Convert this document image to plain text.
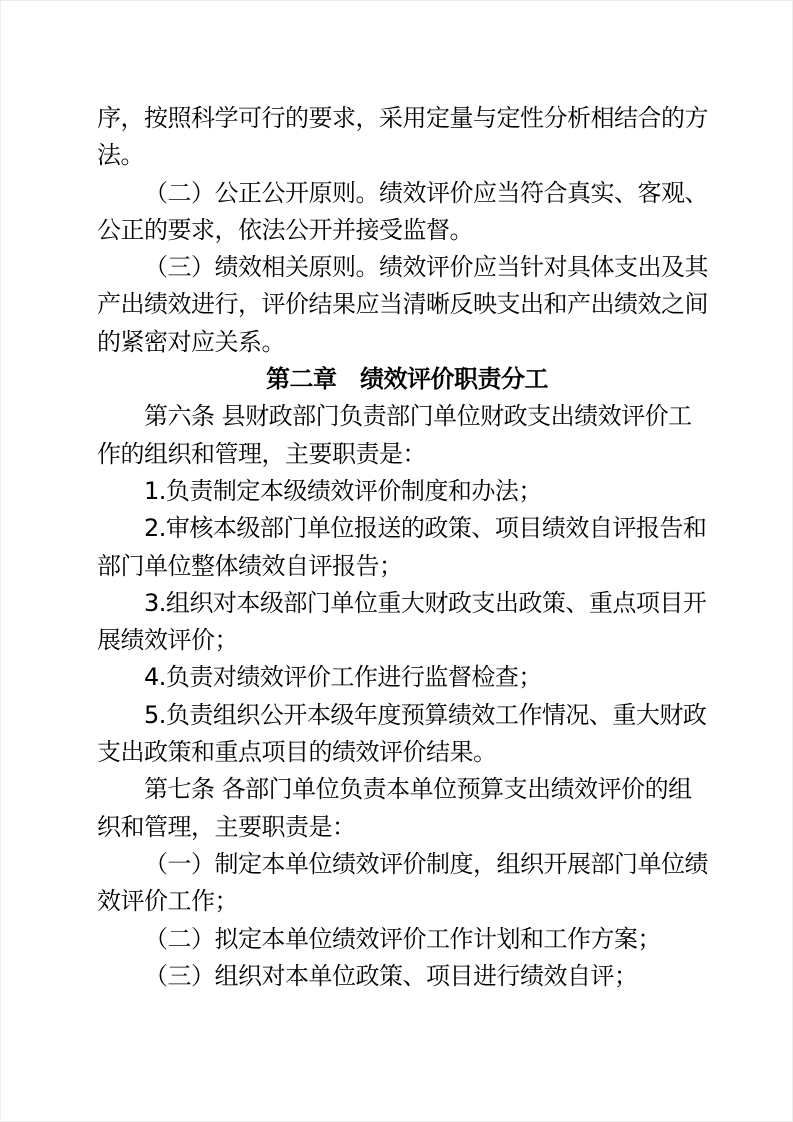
序，按照科学可行的要求，采用定量与定性分析相结合的方
法。
（二）公正公开原则。绩效评价应当符合真实、客观、
公正的要求，依法公开并接受监督。
（三）绩效相关原则。绩效评价应当针对具体支出及其
产出绩效进行，评价结果应当清晰反映支出和产出绩效之间
的紧密对应关系。
第二章　绩效评价职责分工
第六条 县财政部门负责部门单位财政支出绩效评价工
作的组织和管理，主要职责是：
1.负责制定本级绩效评价制度和办法；
2.审核本级部门单位报送的政策、项目绩效自评报告和
部门单位整体绩效自评报告；
3.组织对本级部门单位重大财政支出政策、重点项目开
展绩效评价；
4.负责对绩效评价工作进行监督检查；
5.负责组织公开本级年度预算绩效工作情况、重大财政
支出政策和重点项目的绩效评价结果。
第七条 各部门单位负责本单位预算支出绩效评价的组
织和管理，主要职责是：
（一）制定本单位绩效评价制度，组织开展部门单位绩
效评价工作；
（二）拟定本单位绩效评价工作计划和工作方案；
（三）组织对本单位政策、项目进行绩效自评；
